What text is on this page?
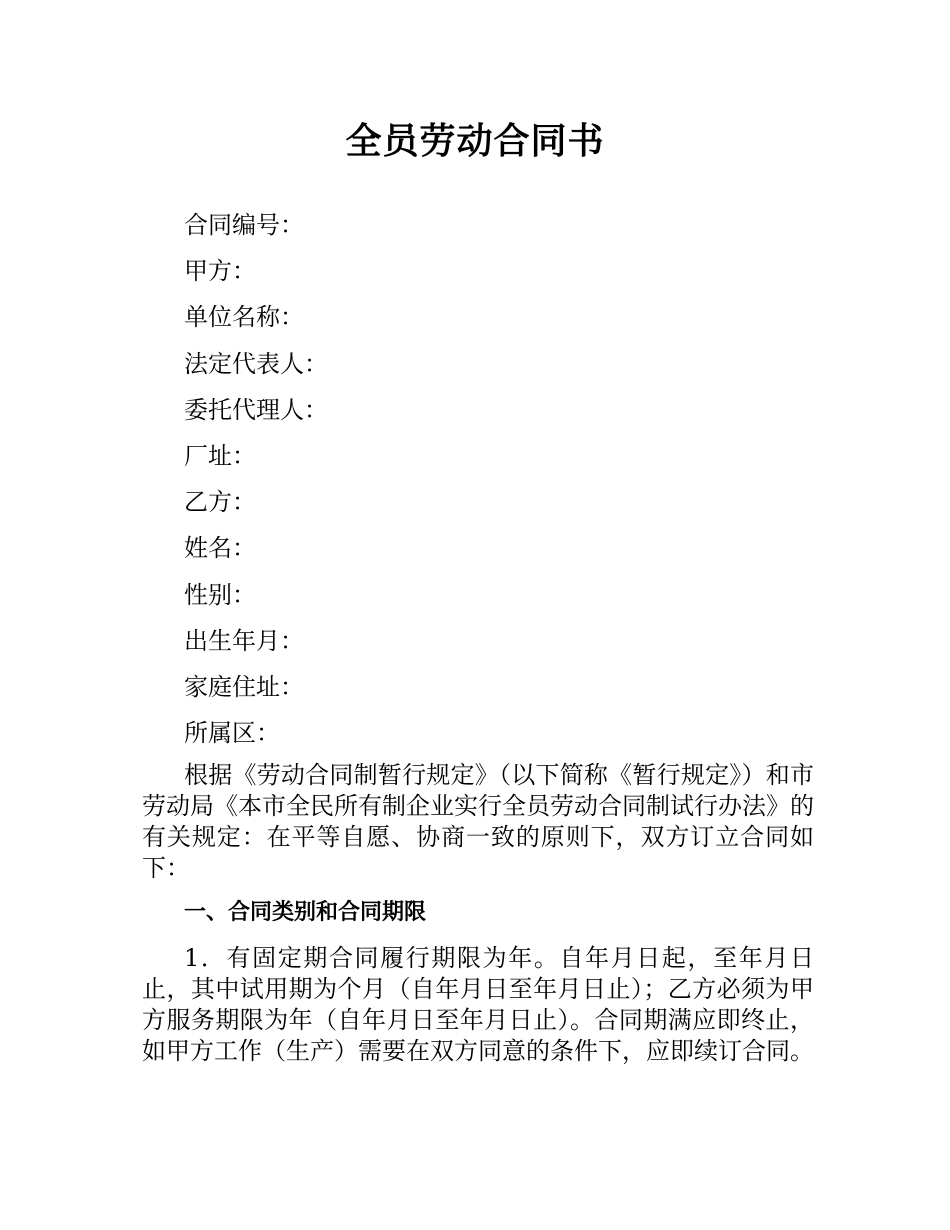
全员劳动合同书
合同编号：
甲方：
单位名称：
法定代表人：
委托代理人：
厂址：
乙方：
姓名：
性别：
出生年月：
家庭住址：
所属区：
根据《劳动合同制暂行规定》（以下简称《暂行规定》）和市劳动局《本市全民所有制企业实行全员劳动合同制试行办法》的有关规定：在平等自愿、协商一致的原则下，双方订立合同如下：
一、合同类别和合同期限
1．有固定期合同履行期限为年。自年月日起，至年月日止，其中试用期为个月（自年月日至年月日止）；乙方必须为甲方服务期限为年（自年月日至年月日止）。合同期满应即终止，如甲方工作（生产）需要在双方同意的条件下，应即续订合同。
